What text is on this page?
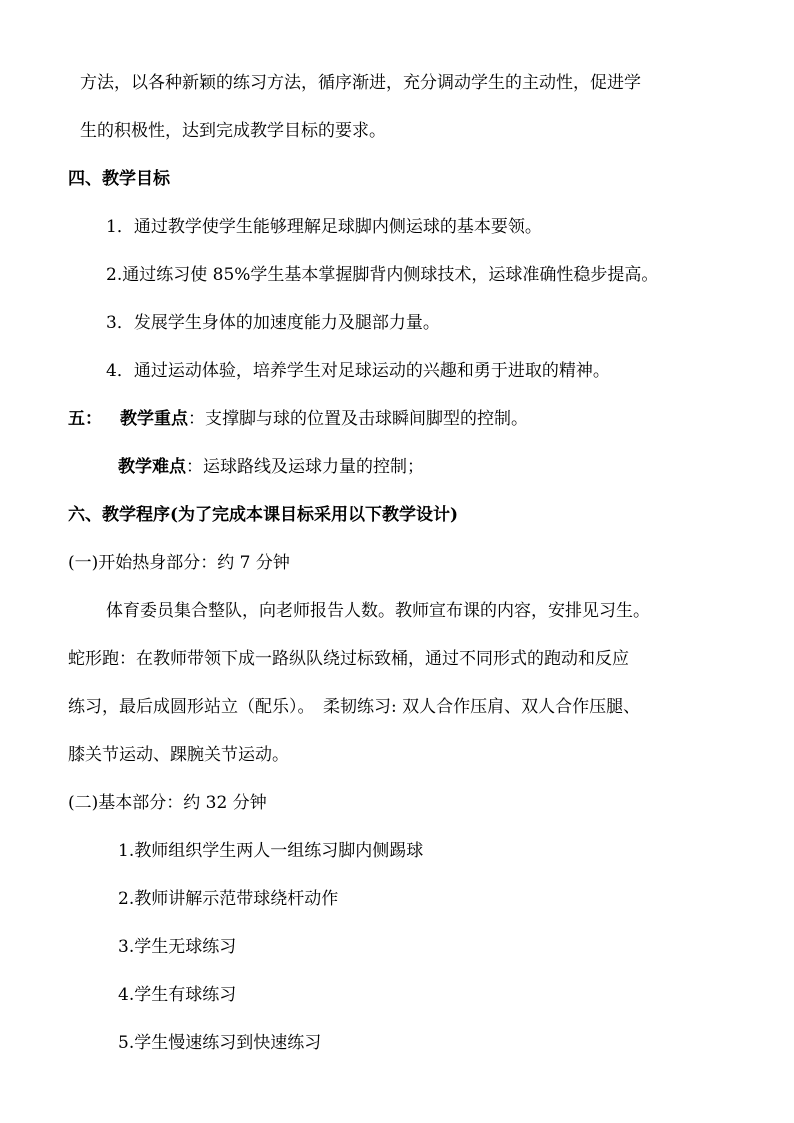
方法，以各种新颖的练习方法，循序渐进，充分调动学生的主动性，促进学
生的积极性，达到完成教学目标的要求。
四、教学目标
1．通过教学使学生能够理解足球脚内侧运球的基本要领。
2.通过练习使 85%学生基本掌握脚背内侧球技术，运球准确性稳步提高。
3．发展学生身体的加速度能力及腿部力量。
4．通过运动体验，培养学生对足球运动的兴趣和勇于进取的精神。
五： 教学重点：支撑脚与球的位置及击球瞬间脚型的控制。
教学难点：运球路线及运球力量的控制；
六、教学程序(为了完成本课目标采用以下教学设计)
(一)开始热身部分：约 7 分钟
体育委员集合整队，向老师报告人数。教师宣布课的内容，安排见习生。
蛇形跑：在教师带领下成一路纵队绕过标致桶，通过不同形式的跑动和反应
练习，最后成圆形站立（配乐）。　柔韧练习: 双人合作压肩、双人合作压腿、
膝关节运动、踝腕关节运动。
(二)基本部分：约 32 分钟
1.教师组织学生两人一组练习脚内侧踢球
2.教师讲解示范带球绕杆动作
3.学生无球练习
4.学生有球练习
5.学生慢速练习到快速练习
